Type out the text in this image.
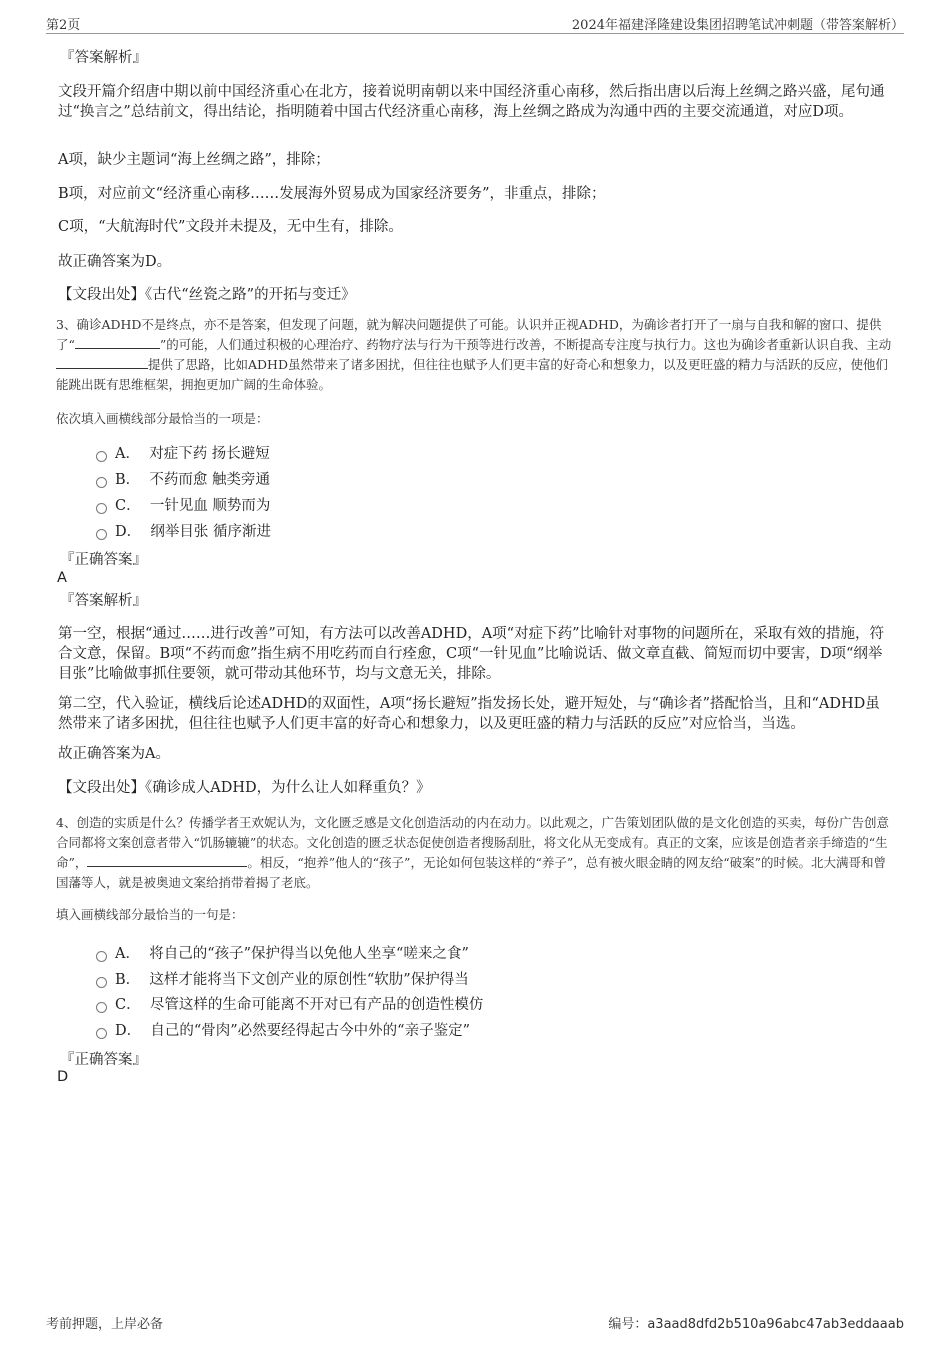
第2页	2024年福建泽隆建设集团招聘笔试冲刺题（带答案解析）
『答案解析』
文段开篇介绍唐中期以前中国经济重心在北方，接着说明南朝以来中国经济重心南移，然后指出唐以后海上丝绸之路兴盛，尾句通过“换言之”总结前文，得出结论，指明随着中国古代经济重心南移，海上丝绸之路成为沟通中西的主要交流通道，对应D项。
A项，缺少主题词“海上丝绸之路”，排除；
B项，对应前文“经济重心南移……发展海外贸易成为国家经济要务”，非重点，排除；
C项，“大航海时代”文段并未提及，无中生有，排除。
故正确答案为D。
【文段出处】《古代“丝瓷之路”的开拓与变迁》
3、确诊ADHD不是终点，亦不是答案，但发现了问题，就为解决问题提供了可能。认识并正视ADHD，为确诊者打开了一扇与自我和解的窗口、提供了“	”的可能，人们通过积极的心理治疗、药物疗法与行为干预等进行改善，不断提高专注度与执行力。这也为确诊者重新认识自我、主动提供了思路，比如ADHD虽然带来了诸多困扰，但往往也赋予人们更丰富的好奇心和想象力，以及更旺盛的精力与活跃的反应，使他们能跳出既有思维框架，拥抱更加广阔的生命体验。
依次填入画横线部分最恰当的一项是：
A． 对症下药 扬长避短
B． 不药而愈 触类旁通
C． 一针见血 顺势而为
D． 纲举目张 循序渐进
『正确答案』
A
『答案解析』
第一空，根据“通过……进行改善”可知，有方法可以改善ADHD，A项“对症下药”比喻针对事物的问题所在，采取有效的措施，符合文意，保留。B项“不药而愈”指生病不用吃药而自行痊愈，C项“一针见血”比喻说话、做文章直截、简短而切中要害，D项“纲举目张”比喻做事抓住要领，就可带动其他环节，均与文意无关，排除。
第二空，代入验证，横线后论述ADHD的双面性，A项“扬长避短”指发扬长处，避开短处，与“确诊者”搭配恰当，且和“ADHD虽然带来了诸多困扰，但往往也赋予人们更丰富的好奇心和想象力，以及更旺盛的精力与活跃的反应”对应恰当，当选。
故正确答案为A。
【文段出处】《确诊成人ADHD，为什么让人如释重负？》
4、创造的实质是什么？传播学者王欢妮认为，文化匮乏感是文化创造活动的内在动力。以此观之，广告策划团队做的是文化创造的买卖，每份广告创意合同都将文案创意者带入“饥肠辘辘”的状态。文化创造的匮乏状态促使创造者搜肠刮肚，将文化从无变成有。真正的文案，应该是创造者亲手缔造的“生命”，	。相反，“抱养”他人的“孩子”，无论如何包装这样的“养子”，总有被火眼金睛的网友给“破案”的时候。北大满哥和曾国藩等人，就是被奥迪文案给捎带着揭了老底。
填入画横线部分最恰当的一句是：
A． 将自己的“孩子”保护得当以免他人坐享“嗟来之食”
B． 这样才能将当下文创产业的原创性“软肋”保护得当
C． 尽管这样的生命可能离不开对已有产品的创造性模仿
D． 自己的“骨肉”必然要经得起古今中外的“亲子鉴定”
『正确答案』
D
考前押题，上岸必备	编号：a3aad8dfd2b510a96abc47ab3eddaaab
